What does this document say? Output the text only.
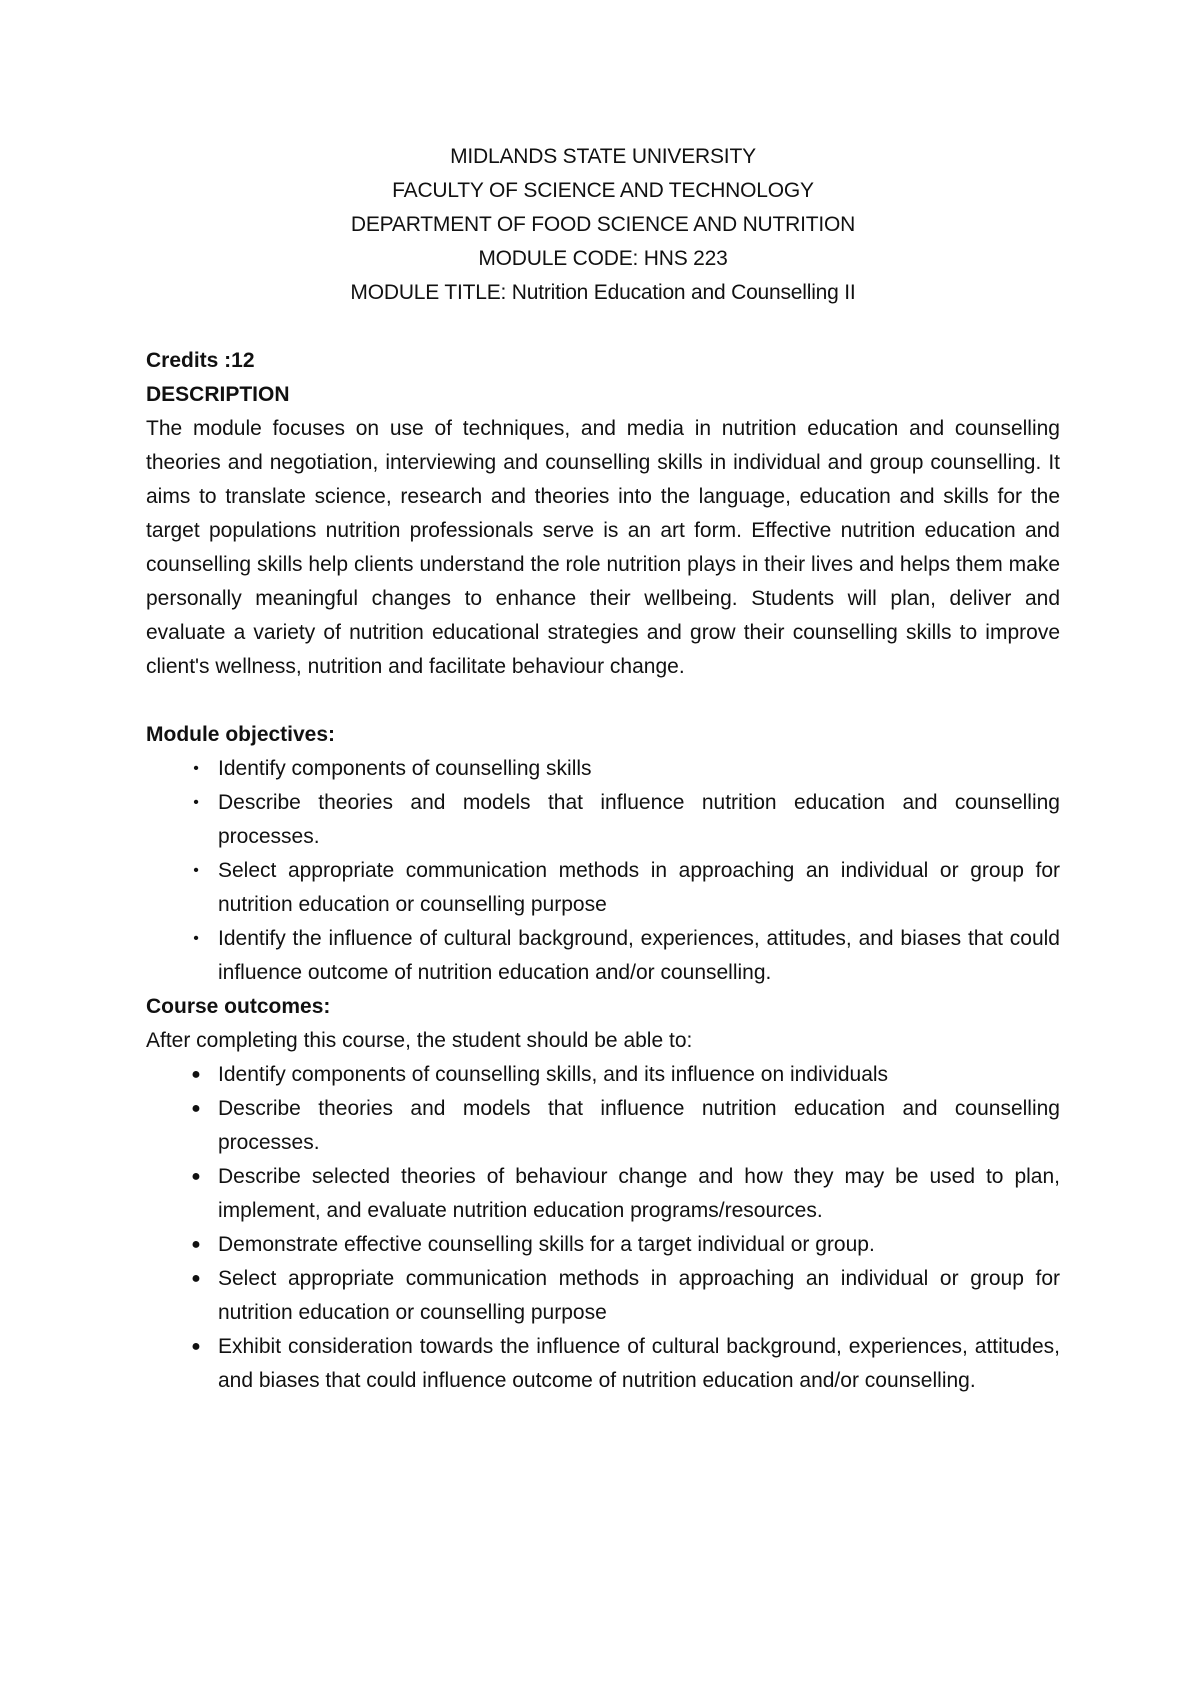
MIDLANDS STATE UNIVERSITY
FACULTY OF SCIENCE AND TECHNOLOGY
DEPARTMENT OF FOOD SCIENCE AND NUTRITION
MODULE CODE: HNS 223
MODULE TITLE: Nutrition Education and Counselling II
Credits :12
DESCRIPTION

The module focuses on use of techniques, and media in nutrition education and counselling theories and negotiation, interviewing and counselling skills in individual and group counselling. It aims to translate science, research and theories into the language, education and skills for the target populations nutrition professionals serve is an art form. Effective nutrition education and counselling skills help clients understand the role nutrition plays in their lives and helps them make personally meaningful changes to enhance their wellbeing. Students will plan, deliver and evaluate a variety of nutrition educational strategies and grow their counselling skills to improve client's wellness, nutrition and facilitate behaviour change.

Module objectives:
• Identify components of counselling skills
• Describe theories and models that influence nutrition education and counselling processes.
• Select appropriate communication methods in approaching an individual or group for nutrition education or counselling purpose
• Identify the influence of cultural background, experiences, attitudes, and biases that could influence outcome of nutrition education and/or counselling.
Course outcomes:
After completing this course, the student should be able to:
● Identify components of counselling skills, and its influence on individuals
● Describe theories and models that influence nutrition education and counselling processes.
● Describe selected theories of behaviour change and how they may be used to plan, implement, and evaluate nutrition education programs/resources.
● Demonstrate effective counselling skills for a target individual or group.
● Select appropriate communication methods in approaching an individual or group for nutrition education or counselling purpose
● Exhibit consideration towards the influence of cultural background, experiences, attitudes, and biases that could influence outcome of nutrition education and/or counselling.
